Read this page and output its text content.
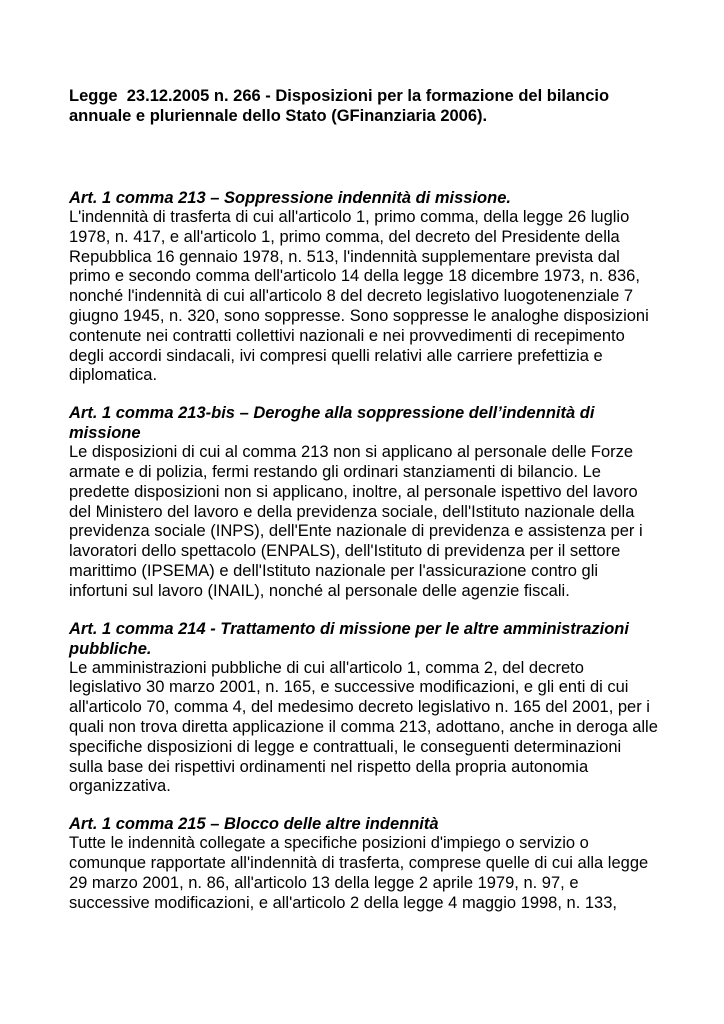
Legge  23.12.2005 n. 266 - Disposizioni per la formazione del bilancio annuale e pluriennale dello Stato (GFinanziaria 2006).

Art. 1 comma 213 – Soppressione indennità di missione.

L'indennità di trasferta di cui all'articolo 1, primo comma, della legge 26 luglio 1978, n. 417, e all'articolo 1, primo comma, del decreto del Presidente della Repubblica 16 gennaio 1978, n. 513, l'indennità supplementare prevista dal primo e secondo comma dell'articolo 14 della legge 18 dicembre 1973, n. 836, nonché l'indennità di cui all'articolo 8 del decreto legislativo luogotenenziale 7 giugno 1945, n. 320, sono soppresse. Sono soppresse le analoghe disposizioni contenute nei contratti collettivi nazionali e nei provvedimenti di recepimento degli accordi sindacali, ivi compresi quelli relativi alle carriere prefettizia e diplomatica.

Art. 1 comma 213-bis – Deroghe alla soppressione dell’indennità di missione

Le disposizioni di cui al comma 213 non si applicano al personale delle Forze armate e di polizia, fermi restando gli ordinari stanziamenti di bilancio. Le predette disposizioni non si applicano, inoltre, al personale ispettivo del lavoro del Ministero del lavoro e della previdenza sociale, dell'Istituto nazionale della previdenza sociale (INPS), dell'Ente nazionale di previdenza e assistenza per i lavoratori dello spettacolo (ENPALS), dell'Istituto di previdenza per il settore marittimo (IPSEMA) e dell'Istituto nazionale per l'assicurazione contro gli infortuni sul lavoro (INAIL), nonché al personale delle agenzie fiscali.

Art. 1 comma 214 - Trattamento di missione per le altre amministrazioni pubbliche.

Le amministrazioni pubbliche di cui all'articolo 1, comma 2, del decreto legislativo 30 marzo 2001, n. 165, e successive modificazioni, e gli enti di cui all'articolo 70, comma 4, del medesimo decreto legislativo n. 165 del 2001, per i quali non trova diretta applicazione il comma 213, adottano, anche in deroga alle specifiche disposizioni di legge e contrattuali, le conseguenti determinazioni sulla base dei rispettivi ordinamenti nel rispetto della propria autonomia organizzativa.

Art. 1 comma 215 – Blocco delle altre indennità

Tutte le indennità collegate a specifiche posizioni d'impiego o servizio o comunque rapportate all'indennità di trasferta, comprese quelle di cui alla legge 29 marzo 2001, n. 86, all'articolo 13 della legge 2 aprile 1979, n. 97, e successive modificazioni, e all'articolo 2 della legge 4 maggio 1998, n. 133,
